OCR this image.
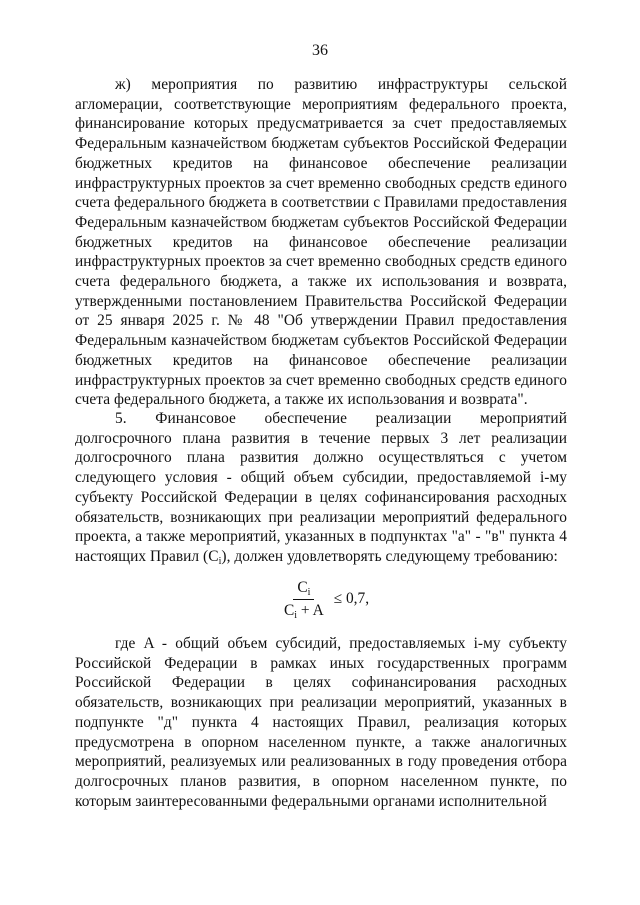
36

ж) мероприятия по развитию инфраструктуры сельской агломерации, соответствующие мероприятиям федерального проекта, финансирование которых предусматривается за счет предоставляемых Федеральным казначейством бюджетам субъектов Российской Федерации бюджетных кредитов на финансовое обеспечение реализации инфраструктурных проектов за счет временно свободных средств единого счета федерального бюджета в соответствии с Правилами предоставления Федеральным казначейством бюджетам субъектов Российской Федерации бюджетных кредитов на финансовое обеспечение реализации инфраструктурных проектов за счет временно свободных средств единого счета федерального бюджета, а также их использования и возврата, утвержденными постановлением Правительства Российской Федерации от 25 января 2025 г. № 48 "Об утверждении Правил предоставления Федеральным казначейством бюджетам субъектов Российской Федерации бюджетных кредитов на финансовое обеспечение реализации инфраструктурных проектов за счет временно свободных средств единого счета федерального бюджета, а также их использования и возврата".

5. Финансовое обеспечение реализации мероприятий долгосрочного плана развития в течение первых 3 лет реализации долгосрочного плана развития должно осуществляться с учетом следующего условия - общий объем субсидии, предоставляемой i-му субъекту Российской Федерации в целях софинансирования расходных обязательств, возникающих при реализации мероприятий федерального проекта, а также мероприятий, указанных в подпунктах "а" - "в" пункта 4 настоящих Правил (Ci), должен удовлетворять следующему требованию:

$\frac{Ci}{Ci + A} \le 0,7$,

где A - общий объем субсидий, предоставляемых i-му субъекту Российской Федерации в рамках иных государственных программ Российской Федерации в целях софинансирования расходных обязательств, возникающих при реализации мероприятий, указанных в подпункте "д" пункта 4 настоящих Правил, реализация которых предусмотрена в опорном населенном пункте, а также аналогичных мероприятий, реализуемых или реализованных в году проведения отбора долгосрочных планов развития, в опорном населенном пункте, по которым заинтересованными федеральными органами исполнительной
